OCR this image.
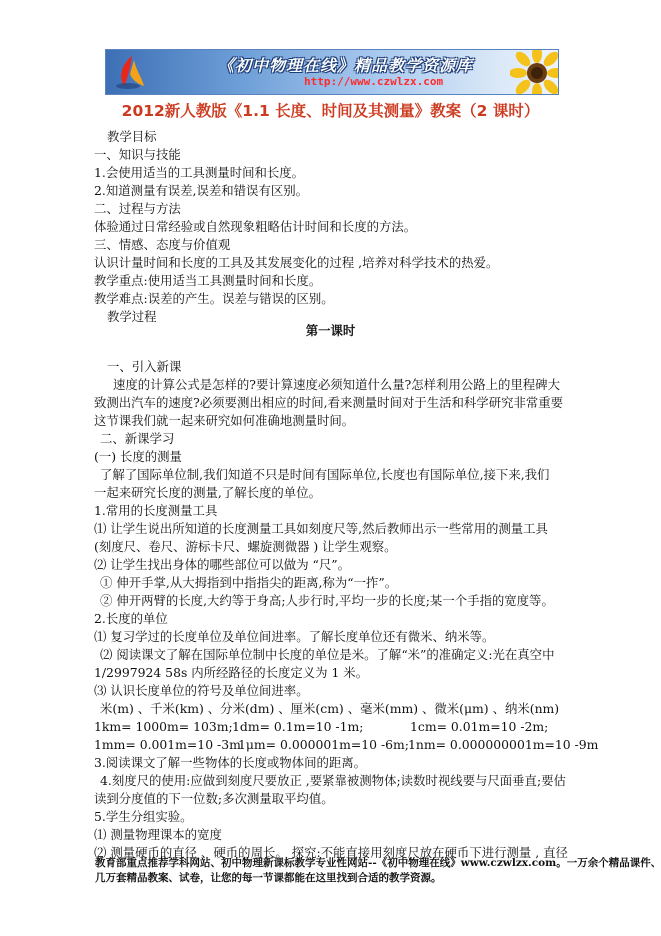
《初中物理在线》精品教学资源库
http://www.czwlzx.com
2012新人教版《1.1 长度、时间及其测量》教案（2 课时）
教学目标
一、知识与技能
1.会使用适当的工具测量时间和长度。
2.知道测量有误差,误差和错误有区别。
二、过程与方法
体验通过日常经验或自然现象粗略估计时间和长度的方法。
三、情感、态度与价值观
认识计量时间和长度的工具及其发展变化的过程 ,培养对科学技术的热爱。
教学重点:使用适当工具测量时间和长度。
教学难点:误差的产生。误差与错误的区别。
教学过程
一、引入新课
速度的计算公式是怎样的?要计算速度必须知道什么量?怎样利用公路上的里程碑大
致测出汽车的速度?必须要测出相应的时间,看来测量时间对于生活和科学研究非常重要
这节课我们就一起来研究如何准确地测量时间。
二、新课学习
(一) 长度的测量
了解了国际单位制,我们知道不只是时间有国际单位,长度也有国际单位,接下来,我们
一起来研究长度的测量,了解长度的单位。
1.常用的长度测量工具
⑴ 让学生说出所知道的长度测量工具如刻度尺等,然后教师出示一些常用的测量工具
(刻度尺、卷尺、游标卡尺、螺旋测微器 ) 让学生观察。
⑵ 让学生找出身体的哪些部位可以做为 “尺”。
① 伸开手掌,从大拇指到中指指尖的距离,称为“一拃”。
② 伸开两臂的长度,大约等于身高;人步行时,平均一步的长度;某一个手指的宽度等。
2.长度的单位
⑴ 复习学过的长度单位及单位间进率。了解长度单位还有微米、纳米等。
⑵ 阅读课文了解在国际单位制中长度的单位是米。了解“米”的准确定义:光在真空中
1/2997924 58s 内所经路径的长度定义为 1 米。
⑶ 认识长度单位的符号及单位间进率。
米(m) 、千米(km) 、分米(dm) 、厘米(cm) 、毫米(mm) 、微米(μm) 、纳米(nm)
1km= 1000m= 103m; 1dm= 0.1m=10 -1m;	1cm= 0.01m=10 -2m;
1mm= 0.001m=10 -3m
1μm= 0.000001m=10 -6m; 1nm= 0.000000001m=10 -9m
3.阅读课文了解一些物体的长度或物体间的距离。
4.刻度尺的使用:应做到刻度尺要放正 ,要紧靠被测物体;读数时视线要与尺面垂直;要估
读到分度值的下一位数;多次测量取平均值。
5.学生分组实验。
⑴ 测量物理课本的宽度
⑵ 测量硬币的直径 、硬币的周长。 探究:不能直接用刻度尺放在硬币下进行测量 , 直径
第一课时
教育部重点推荐学科网站、初中物理新课标教学专业性网站--《初中物理在线》www.czwlzx.com。一万余个精品课件、
几万套精品教案、试卷，让您的每一节课都能在这里找到合适的教学资源。
